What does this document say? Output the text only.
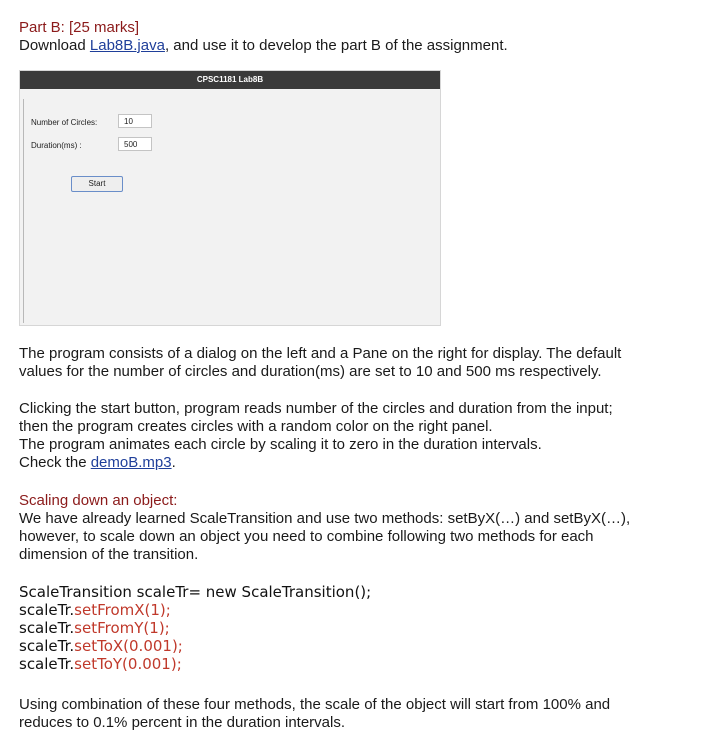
Part B: [25 marks]

Download Lab8B.java, and use it to develop the part B of the assignment.

CPSC1181 Lab8B
Number of Circles:	10
Duration(ms) :	500
Start

The program consists of a dialog on the left and a Pane on the right for display. The default

values for the number of circles and duration(ms) are set to 10 and 500 ms respectively.

Clicking the start button, program reads number of the circles and duration from the input;

then the program creates circles with a random color on the right panel.

The program animates each circle by scaling it to zero in the duration intervals.

Check the demoB.mp3.

Scaling down an object:

We have already learned ScaleTransition and use two methods: setByX(…) and setByX(…),

however, to scale down an object you need to combine following two methods for each

dimension of the transition.

ScaleTransition scaleTr= new ScaleTransition();

scaleTr.setFromX(1);

scaleTr.setFromY(1);

scaleTr.setToX(0.001);

scaleTr.setToY(0.001);

Using combination of these four methods, the scale of the object will start from 100% and

reduces to 0.1% percent in the duration intervals.
